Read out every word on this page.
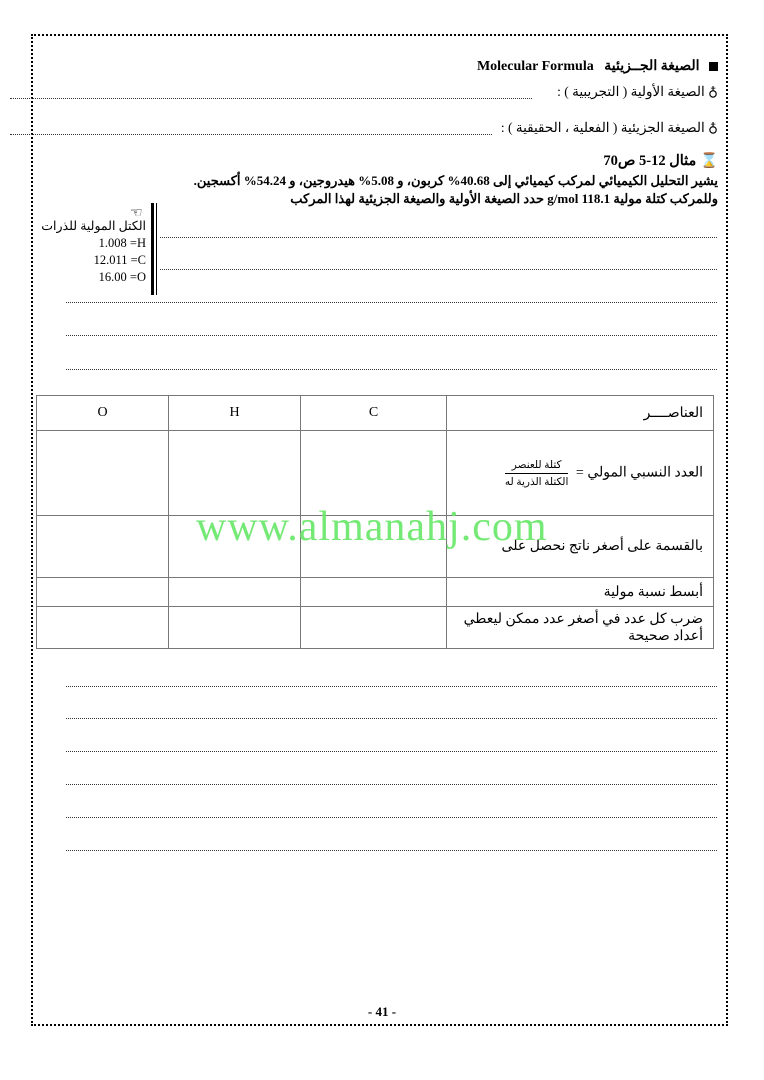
Molecular Formula الصيغة الجــزيئية
♁ الصيغة الأولية ( التجريبية ) :
♁ الصيغة الجزيئية ( الفعلية ، الحقيقية ) :
⌛ مثال 12-5 ص70
يشير التحليل الكيميائي لمركب كيميائي إلى 40.68% كربون، و 5.08% هيدروجين، و 54.24% أكسجين.
وللمركب كتلة مولية 118.1 g/mol حدد الصيغة الأولية والصيغة الجزيئية لهذا المركب
☜
الكتل المولية للذرات
1.008 =H
12.011 =C
16.00 =O
O	H	C	العناصــــر
			العدد النسبي المولي =
$\frac{\text{كتلة للعنصر}}{\text{الكتلة الذرية له}}$

			بالقسمة على أصغر ناتج نحصل على
			أبسط نسبة مولية
			ضرب كل عدد في أصغر عدد ممكن ليعطي أعداد صحيحة
www.almanahj.com
- 41 -
